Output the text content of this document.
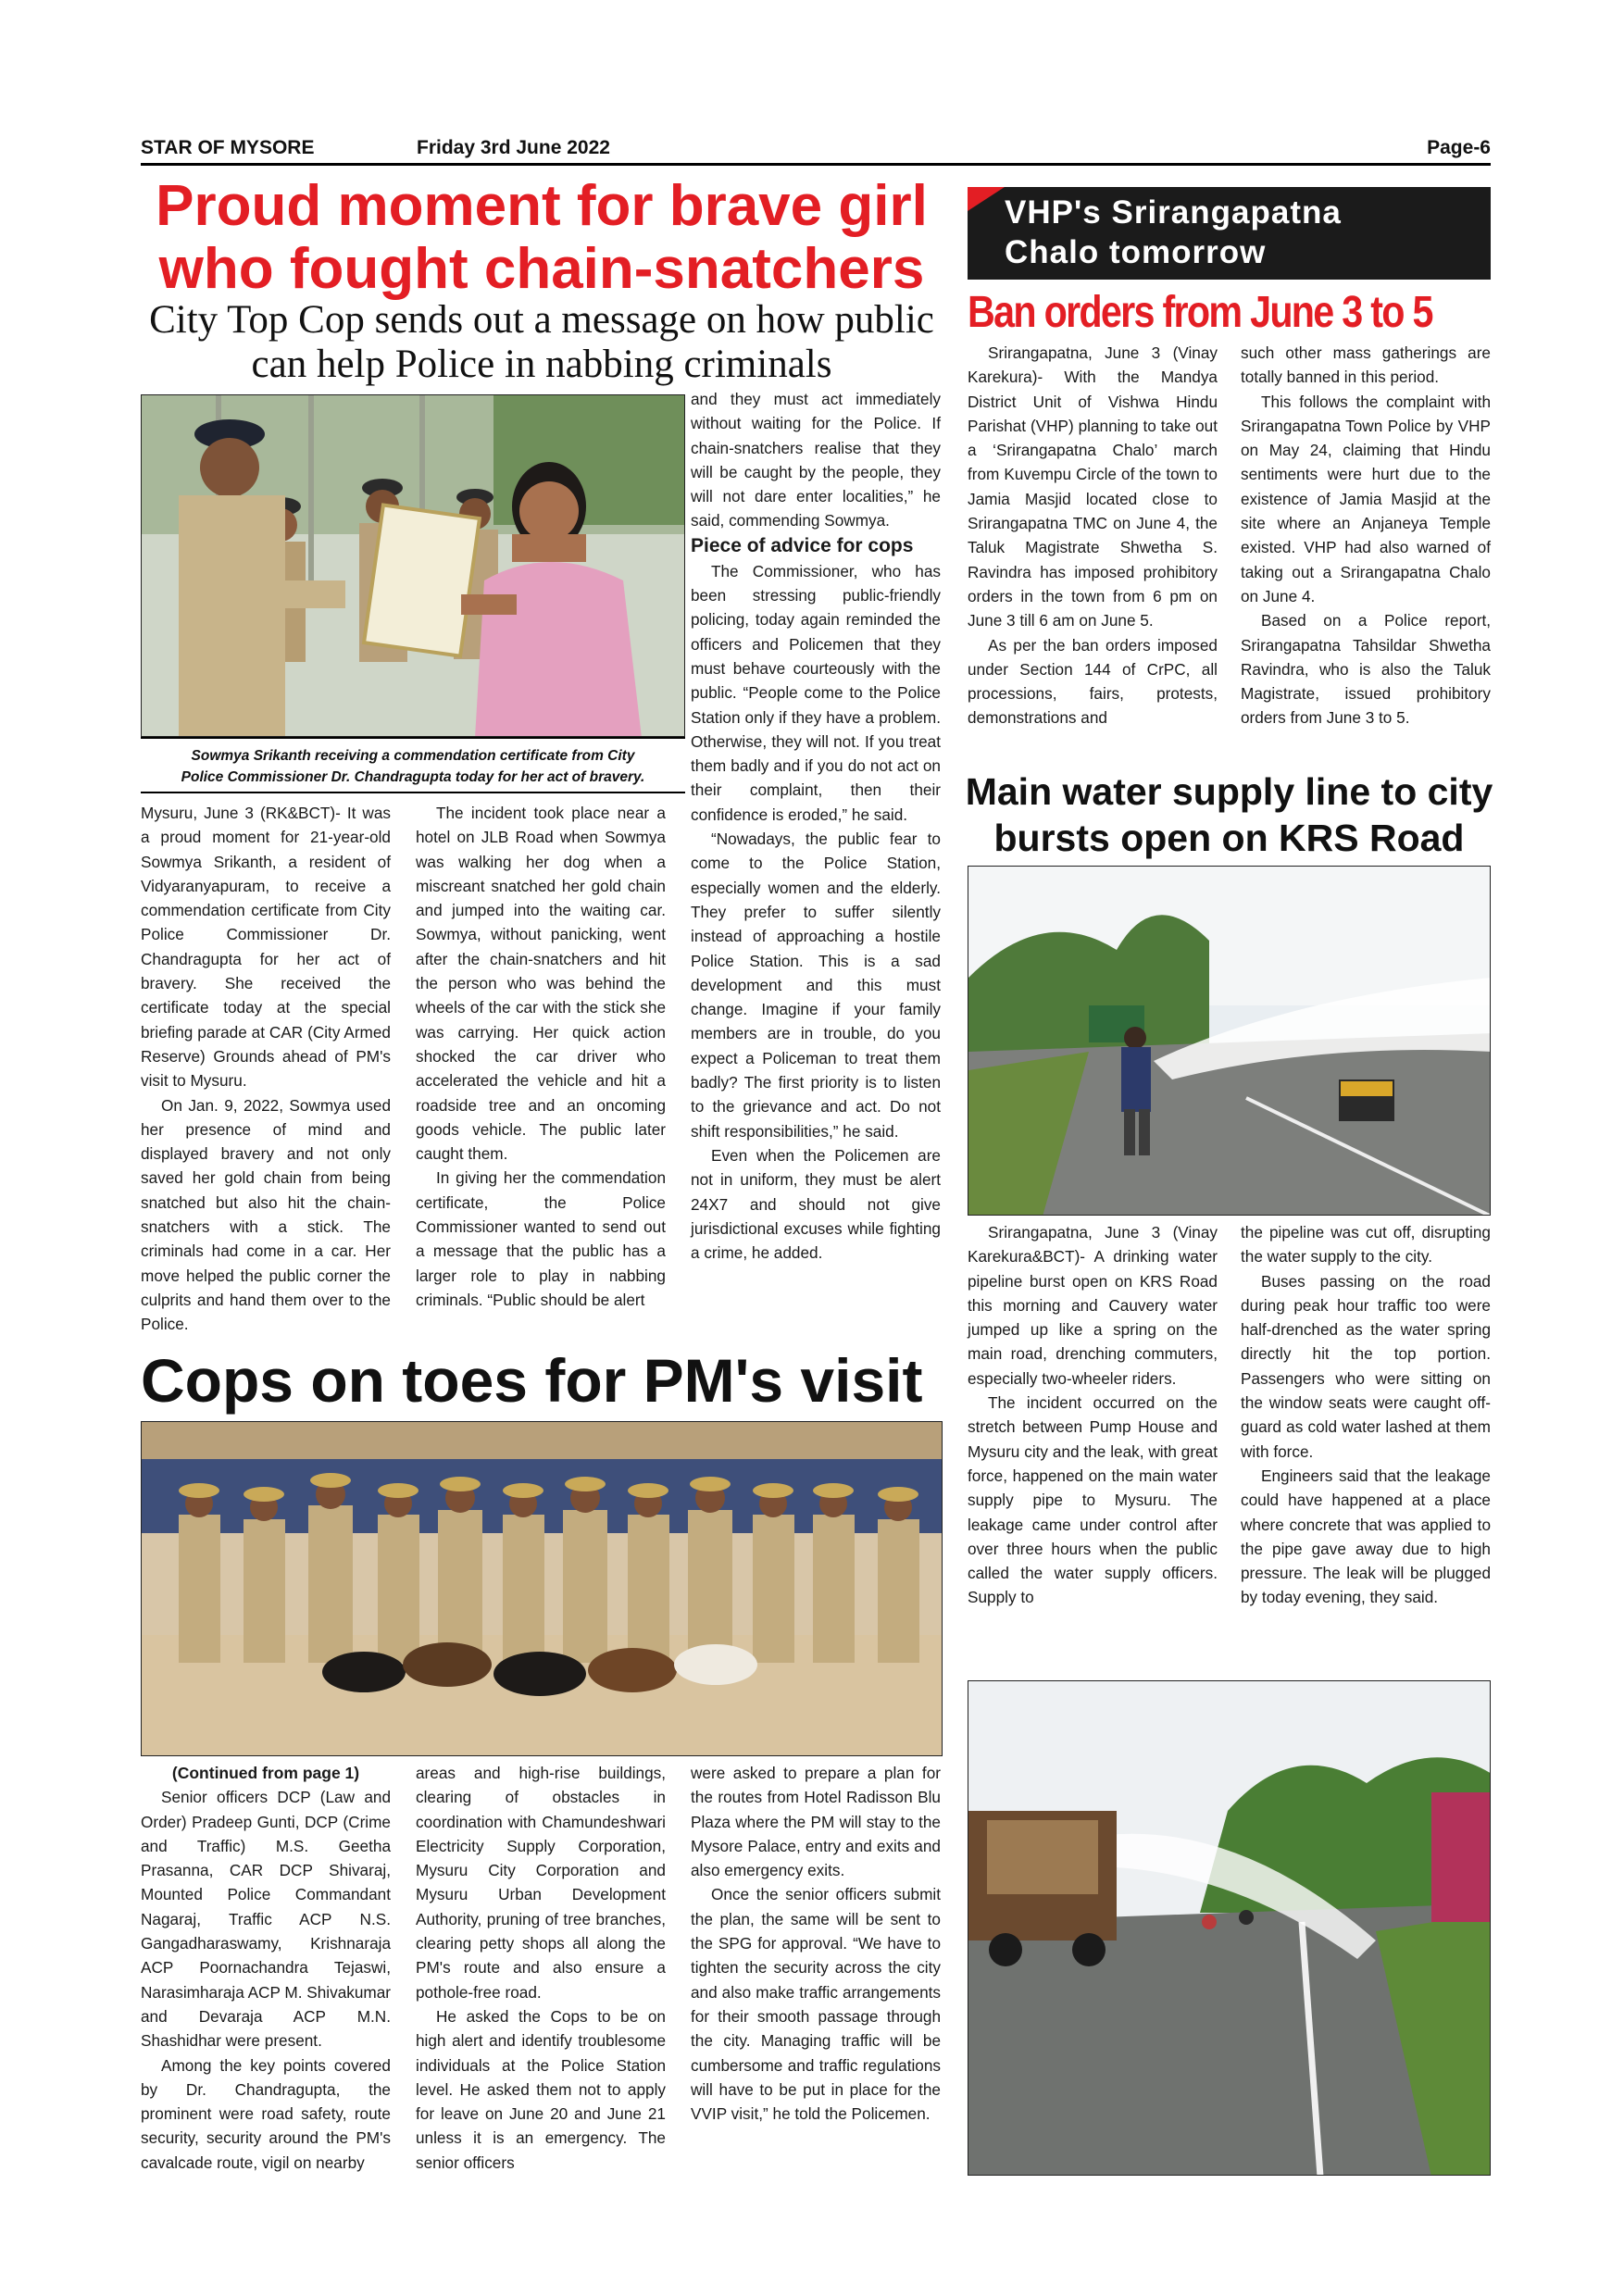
STAR OF MYSORE	Friday 3rd June 2022	Page-6
Proud moment for brave girl
who fought chain-snatchers
City Top Cop sends out a message on how public
can help Police in nabbing criminals
Sowmya Srikanth receiving a commendation certificate from City
Police Commissioner Dr. Chandragupta today for her act of bravery.

Mysuru, June 3 (RK&BCT)- It was a proud moment for 21-year-old Sowmya Srikanth, a resident of Vidyaranyapuram, to receive a commendation certificate from City Police Commissioner Dr. Chandragupta for her act of bravery. She received the certificate today at the special briefing parade at CAR (City Armed Reserve) Grounds ahead of PM's visit to Mysuru.

On Jan. 9, 2022, Sowmya used her presence of mind and displayed bravery and not only saved her gold chain from being snatched but also hit the chain-snatchers with a stick. The criminals had come in a car. Her move helped the public corner the culprits and hand them over to the Police.

The incident took place near a hotel on JLB Road when Sowmya was walking her dog when a miscreant snatched her gold chain and jumped into the waiting car. Sowmya, without panicking, went after the chain-snatchers and hit the person who was behind the wheels of the car with the stick she was carrying. Her quick action shocked the car driver who accelerated the vehicle and hit a roadside tree and an oncoming goods vehicle. The public later caught them.

In giving her the commendation certificate, the Police Commissioner wanted to send out a message that the public has a larger role to play in nabbing criminals. “Public should be alert

and they must act immediately without waiting for the Police. If chain-snatchers realise that they will be caught by the people, they will not dare enter localities,” he said, commending Sowmya.

Piece of advice for cops

The Commissioner, who has been stressing public-friendly policing, today again reminded the officers and Policemen that they must behave courteously with the public. “People come to the Police Station only if they have a problem. Otherwise, they will not. If you treat them badly and if you do not act on their complaint, then their confidence is eroded,” he said.

“Nowadays, the public fear to come to the Police Station, especially women and the elderly. They prefer to suffer silently instead of approaching a hostile Police Station. This is a sad development and this must change. Imagine if your family members are in trouble, do you expect a Policeman to treat them badly? The first priority is to listen to the grievance and act. Do not shift responsibilities,” he said.

Even when the Policemen are not in uniform, they must be alert 24X7 and should not give jurisdictional excuses while fighting a crime, he added.

Cops on toes for PM's visit

(Continued from page 1)

Senior officers DCP (Law and Order) Pradeep Gunti, DCP (Crime and Traffic) M.S. Geetha Prasanna, CAR DCP Shivaraj, Mounted Police Commandant Nagaraj, Traffic ACP N.S. Gangadharaswamy, Krishnaraja ACP Poornachandra Tejaswi, Narasimharaja ACP M. Shivakumar and Devaraja ACP M.N. Shashidhar were present.

Among the key points covered by Dr. Chandragupta, the prominent were road safety, route security, security around the PM's cavalcade route, vigil on nearby

areas and high-rise buildings, clearing of obstacles in coordination with Chamundeshwari Electricity Supply Corporation, Mysuru City Corporation and Mysuru Urban Development Authority, pruning of tree branches, clearing petty shops all along the PM's route and also ensure a pothole-free road.

He asked the Cops to be on high alert and identify troublesome individuals at the Police Station level. He asked them not to apply for leave on June 20 and June 21 unless it is an emergency. The senior officers

were asked to prepare a plan for the routes from Hotel Radisson Blu Plaza where the PM will stay to the Mysore Palace, entry and exits and also emergency exits.

Once the senior officers submit the plan, the same will be sent to the SPG for approval. “We have to tighten the security across the city and also make traffic arrangements for their smooth passage through the city. Managing traffic will be cumbersome and traffic regulations will have to be put in place for the VVIP visit,” he told the Policemen.

VHP's Srirangapatna
Chalo tomorrow
Ban orders from June 3 to 5

Srirangapatna, June 3 (Vinay Karekura)- With the Mandya District Unit of Vishwa Hindu Parishat (VHP) planning to take out a ‘Srirangapatna Chalo’ march from Kuvempu Circle of the town to Jamia Masjid located close to Srirangapatna TMC on June 4, the Taluk Magistrate Shwetha S. Ravindra has imposed prohibitory orders in the town from 6 pm on June 3 till 6 am on June 5.

As per the ban orders imposed under Section 144 of CrPC, all processions, fairs, protests, demonstrations and

such other mass gatherings are totally banned in this period.

This follows the complaint with Srirangapatna Town Police by VHP on May 24, claiming that Hindu sentiments were hurt due to the existence of Jamia Masjid at the site where an Anjaneya Temple existed. VHP had also warned of taking out a Srirangapatna Chalo on June 4.

Based on a Police report, Srirangapatna Tahsildar Shwetha Ravindra, who is also the Taluk Magistrate, issued prohibitory orders from June 3 to 5.

Main water supply line to city
bursts open on KRS Road

Srirangapatna, June 3 (Vinay Karekura&BCT)- A drinking water pipeline burst open on KRS Road this morning and Cauvery water jumped up like a spring on the main road, drenching commuters, especially two-wheeler riders.

The incident occurred on the stretch between Pump House and Mysuru city and the leak, with great force, happened on the main water supply pipe to Mysuru. The leakage came under control after over three hours when the public called the water supply officers. Supply to

the pipeline was cut off, disrupting the water supply to the city.

Buses passing on the road during peak hour traffic too were half-drenched as the water spring directly hit the top portion. Passengers who were sitting on the window seats were caught off-guard as cold water lashed at them with force.

Engineers said that the leakage could have happened at a place where concrete that was applied to the pipe gave away due to high pressure. The leak will be plugged by today evening, they said.
